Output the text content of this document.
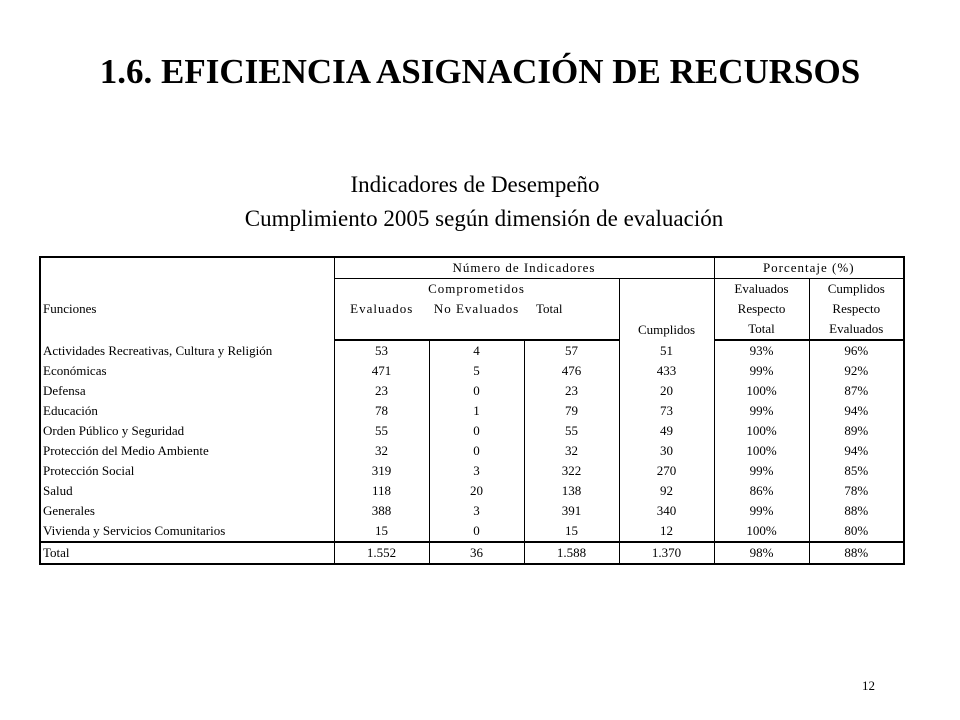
1.6. EFICIENCIA ASIGNACIÓN DE RECURSOS
Indicadores de Desempeño
Cumplimiento 2005 según dimensión de evaluación
	Número de Indicadores				Porcentaje (%)	
Funciones	Comprometidos			Cumplidos	Evaluados	Cumplidos
	Evaluados	No Evaluados	Total		Respecto	Respecto
					Total	Evaluados
Actividades Recreativas, Cultura y Religión	53	4	57	51	93%	96%
Económicas	471	5	476	433	99%	92%
Defensa	23	0	23	20	100%	87%
Educación	78	1	79	73	99%	94%
Orden Público y Seguridad	55	0	55	49	100%	89%
Protección del Medio Ambiente	32	0	32	30	100%	94%
Protección Social	319	3	322	270	99%	85%
Salud	118	20	138	92	86%	78%
Generales	388	3	391	340	99%	88%
Vivienda y Servicios Comunitarios	15	0	15	12	100%	80%
Total	1.552	36	1.588	1.370	98%	88%
12
